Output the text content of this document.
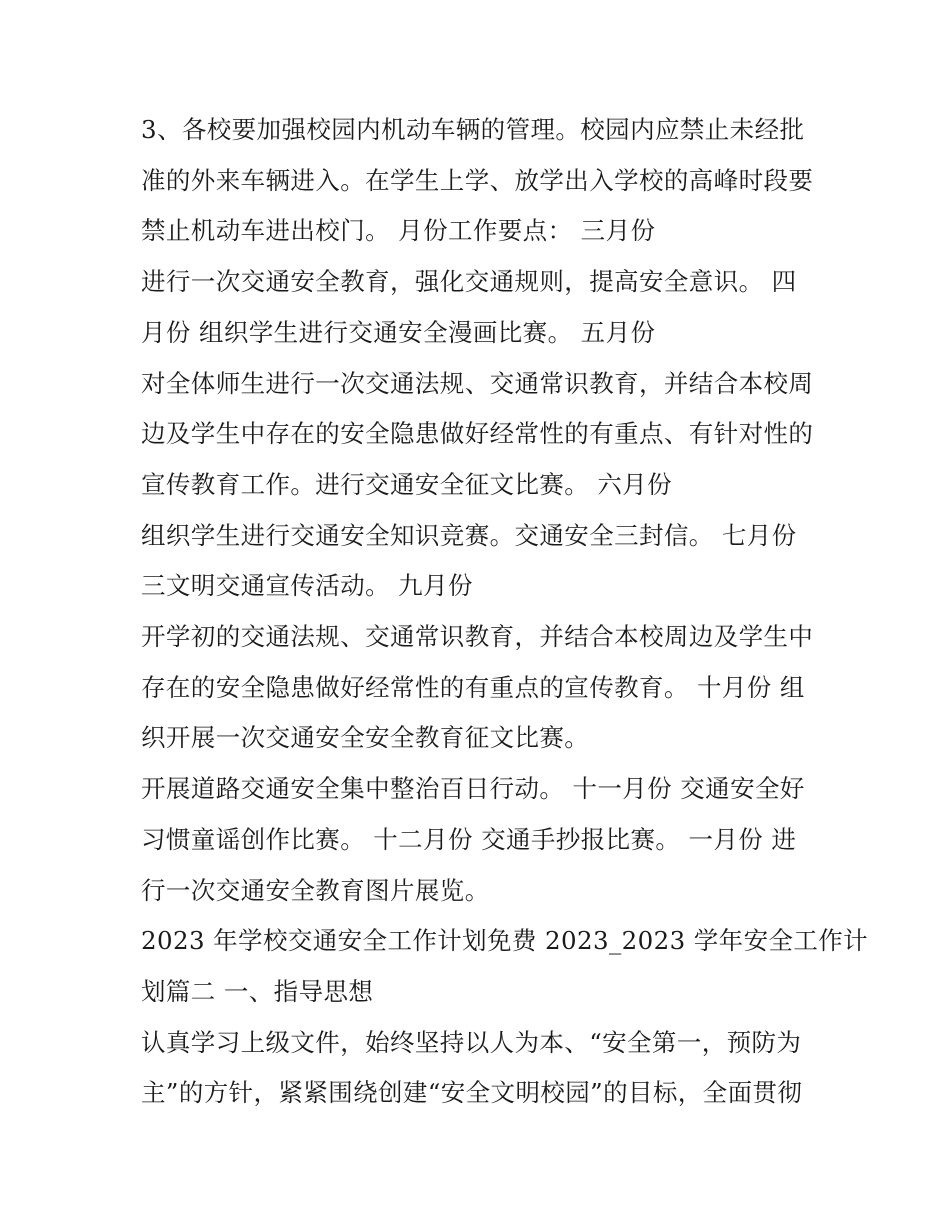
3、各校要加强校园内机动车辆的管理。校园内应禁止未经批
准的外来车辆进入。在学生上学、放学出入学校的高峰时段要
禁止机动车进出校门。 月份工作要点： 三月份
进行一次交通安全教育，强化交通规则，提高安全意识。 四
月份 组织学生进行交通安全漫画比赛。 五月份
对全体师生进行一次交通法规、交通常识教育，并结合本校周
边及学生中存在的安全隐患做好经常性的有重点、有针对性的
宣传教育工作。进行交通安全征文比赛。 六月份
组织学生进行交通安全知识竞赛。交通安全三封信。 七月份
三文明交通宣传活动。 九月份
开学初的交通法规、交通常识教育，并结合本校周边及学生中
存在的安全隐患做好经常性的有重点的宣传教育。 十月份 组
织开展一次交通安全安全教育征文比赛。
开展道路交通安全集中整治百日行动。 十一月份 交通安全好
习惯童谣创作比赛。 十二月份 交通手抄报比赛。 一月份 进
行一次交通安全教育图片展览。
2023 年学校交通安全工作计划免费 2023_2023 学年安全工作计
划篇二 一、指导思想
认真学习上级文件，始终坚持以人为本、“安全第一，预防为
主”的方针，紧紧围绕创建“安全文明校园”的目标，全面贯彻
